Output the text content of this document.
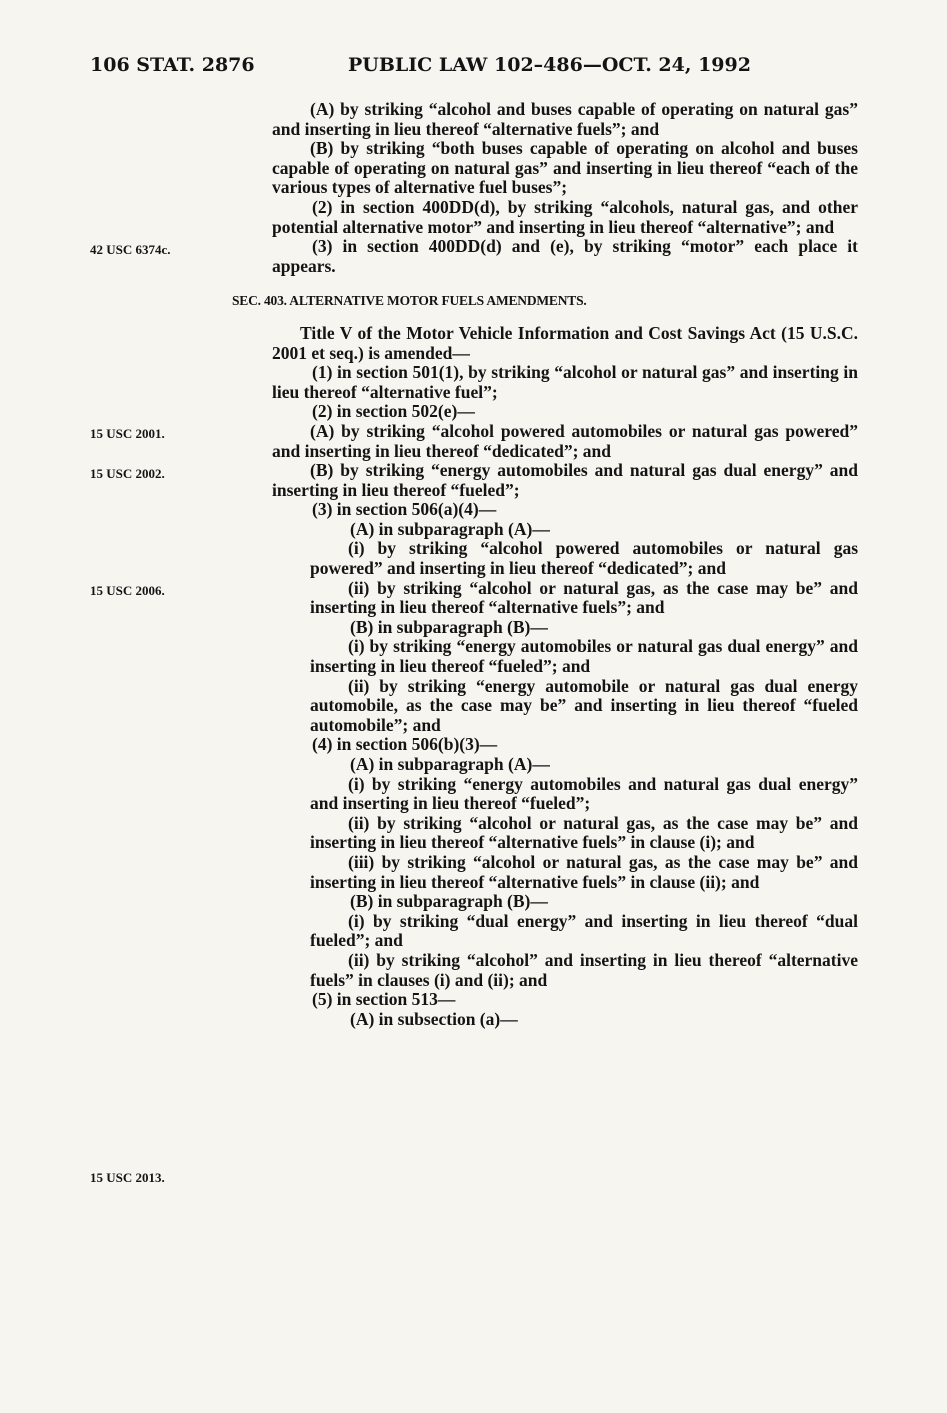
106 STAT. 2876	PUBLIC LAW 102–486—OCT. 24, 1992
42 USC 6374c.
15 USC 2001.
15 USC 2002.
15 USC 2006.
15 USC 2013.

(A) by striking “alcohol and buses capable of operating on natural gas” and inserting in lieu thereof “alternative fuels”; and

(B) by striking “both buses capable of operating on alcohol and buses capable of operating on natural gas” and inserting in lieu thereof “each of the various types of alternative fuel buses”;

(2) in section 400DD(d), by striking “alcohols, natural gas, and other potential alternative motor” and inserting in lieu thereof “alternative”; and

(3) in section 400DD(d) and (e), by striking “motor” each place it appears.

SEC. 403. ALTERNATIVE MOTOR FUELS AMENDMENTS.

Title V of the Motor Vehicle Information and Cost Savings Act (15 U.S.C. 2001 et seq.) is amended—

(1) in section 501(1), by striking “alcohol or natural gas” and inserting in lieu thereof “alternative fuel”;

(2) in section 502(e)—

(A) by striking “alcohol powered automobiles or natural gas powered” and inserting in lieu thereof “dedicated”; and

(B) by striking “energy automobiles and natural gas dual energy” and inserting in lieu thereof “fueled”;

(3) in section 506(a)(4)—

(A) in subparagraph (A)—

(i) by striking “alcohol powered automobiles or natural gas powered” and inserting in lieu thereof “dedicated”; and

(ii) by striking “alcohol or natural gas, as the case may be” and inserting in lieu thereof “alternative fuels”; and

(B) in subparagraph (B)—

(i) by striking “energy automobiles or natural gas dual energy” and inserting in lieu thereof “fueled”; and

(ii) by striking “energy automobile or natural gas dual energy automobile, as the case may be” and inserting in lieu thereof “fueled automobile”; and

(4) in section 506(b)(3)—

(A) in subparagraph (A)—

(i) by striking “energy automobiles and natural gas dual energy” and inserting in lieu thereof “fueled”;

(ii) by striking “alcohol or natural gas, as the case may be” and inserting in lieu thereof “alternative fuels” in clause (i); and

(iii) by striking “alcohol or natural gas, as the case may be” and inserting in lieu thereof “alternative fuels” in clause (ii); and

(B) in subparagraph (B)—

(i) by striking “dual energy” and inserting in lieu thereof “dual fueled”; and

(ii) by striking “alcohol” and inserting in lieu thereof “alternative fuels” in clauses (i) and (ii); and

(5) in section 513—

(A) in subsection (a)—
